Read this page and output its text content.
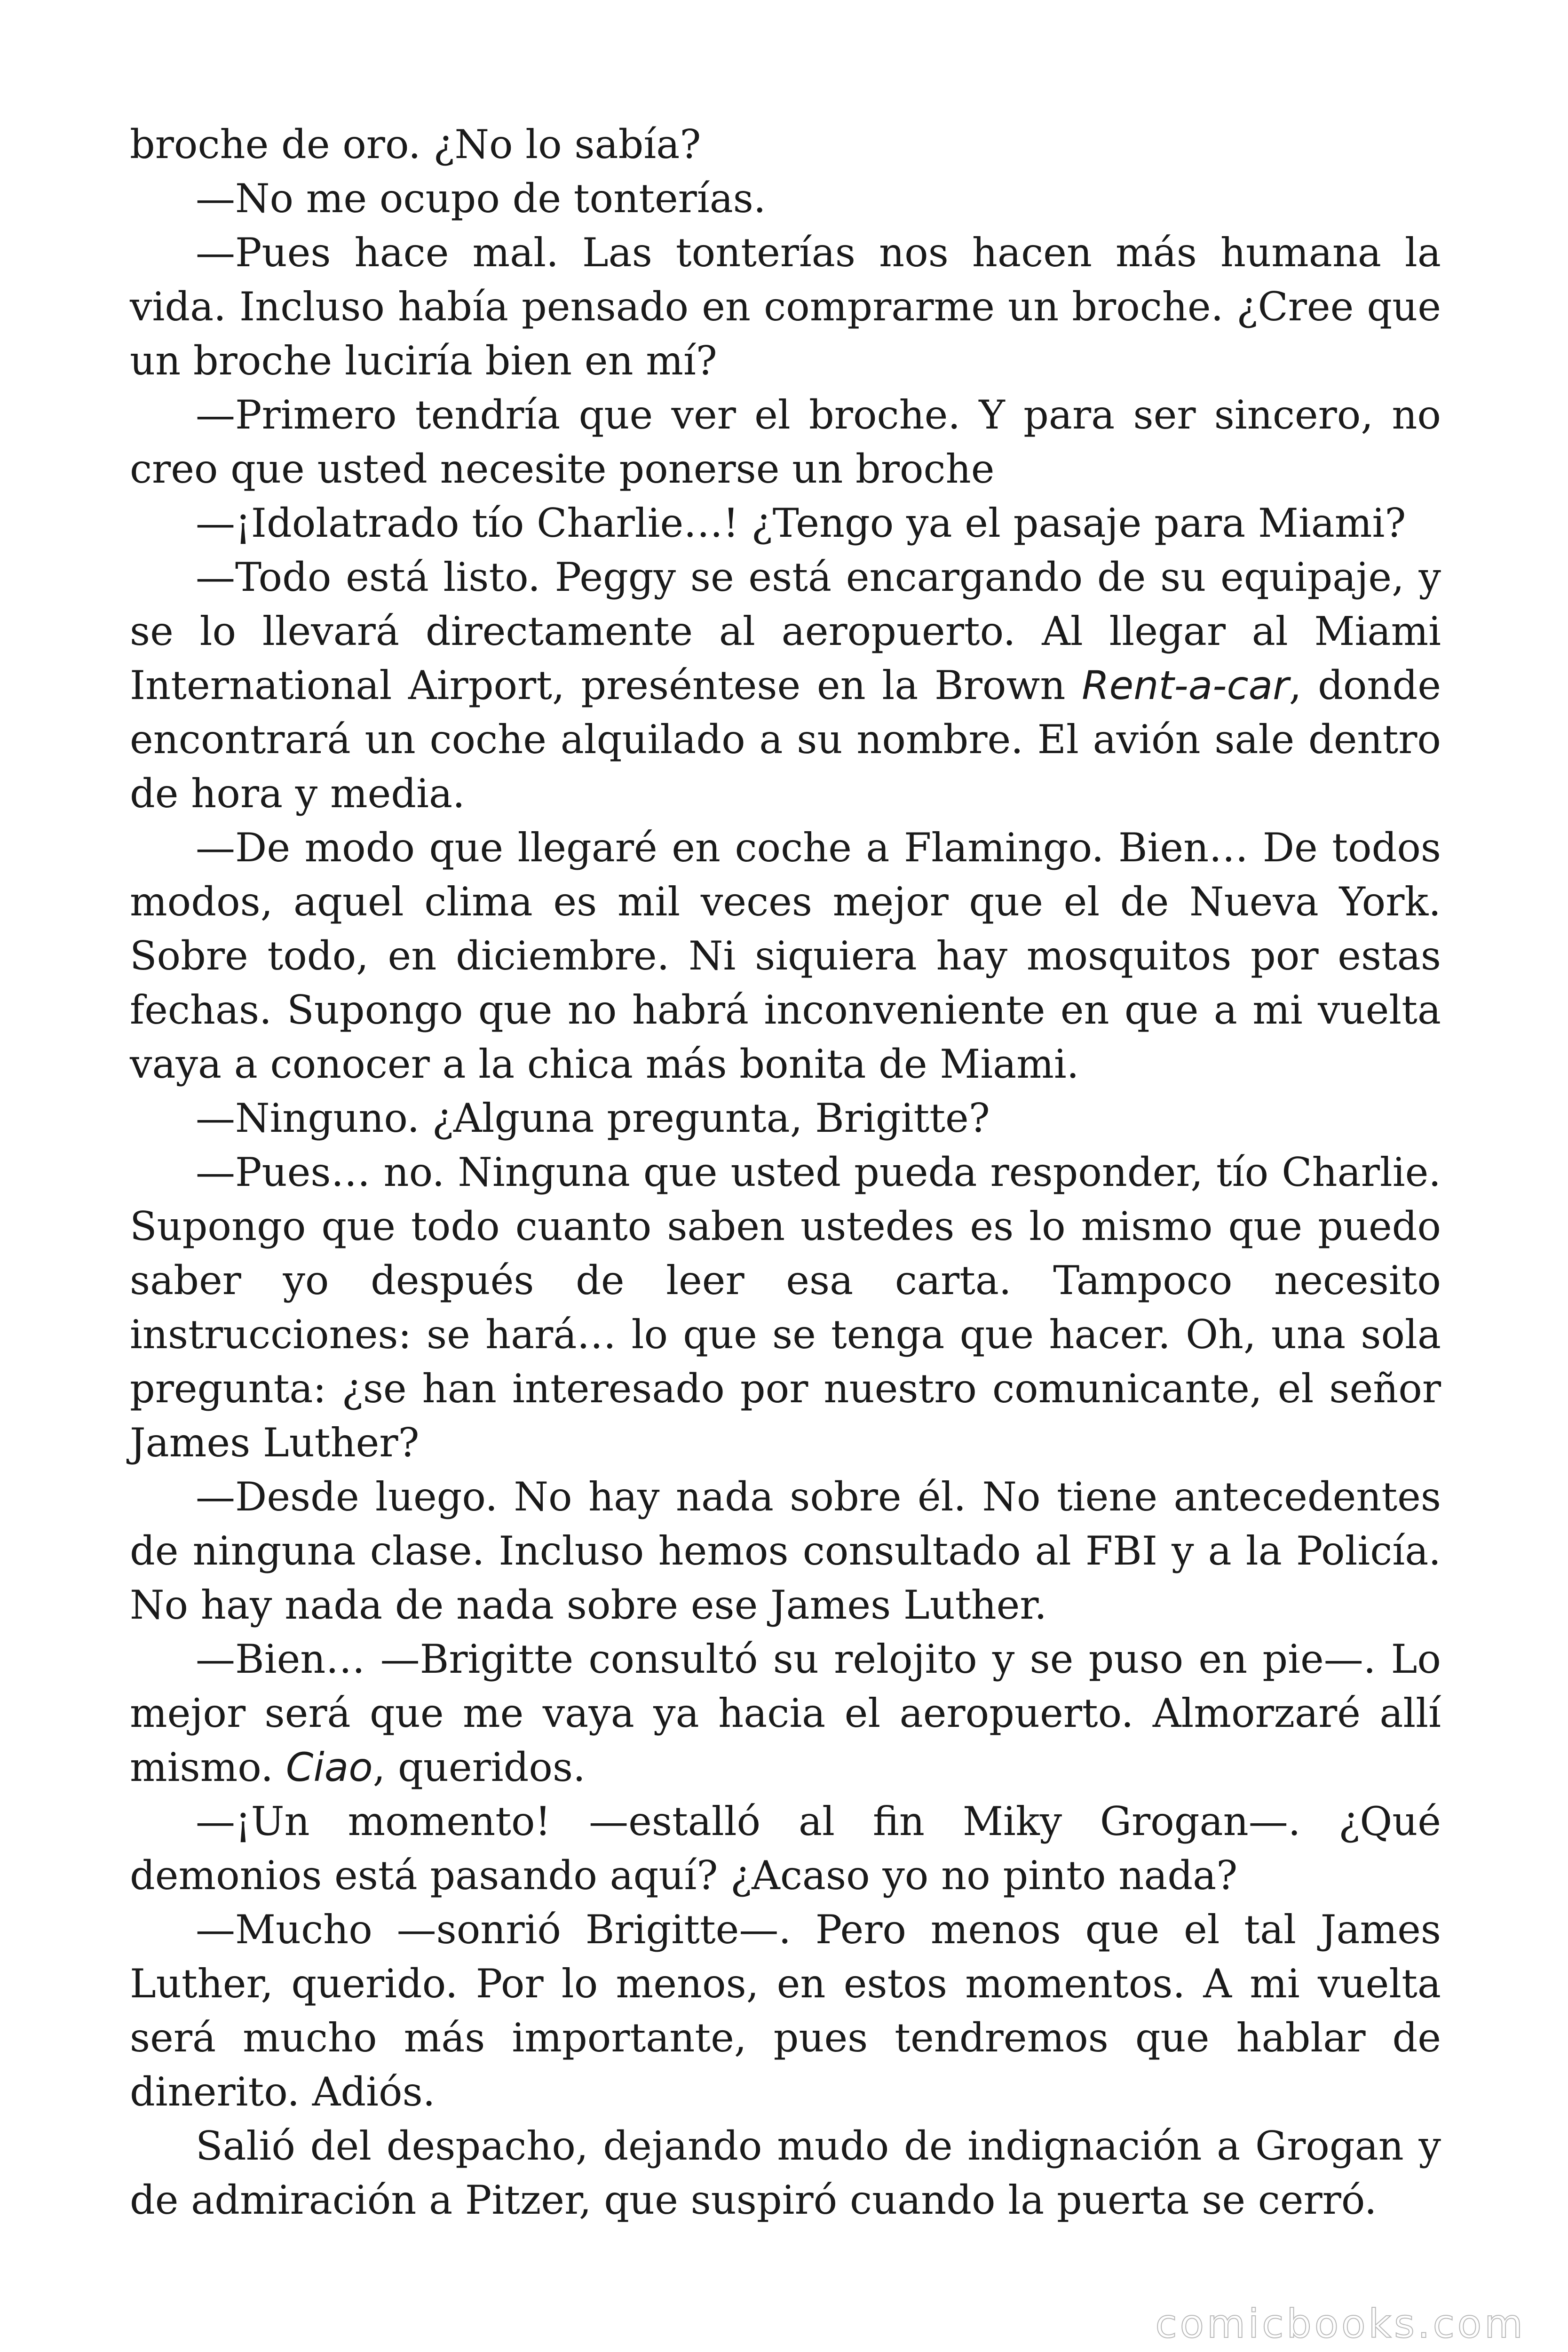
broche de oro. ¿No lo sabía?

—No me ocupo de tonterías.

—Pues hace mal. Las tonterías nos hacen más humana la vida. Incluso había pensado en comprarme un broche. ¿Cree que un broche luciría bien en mí?

—Primero tendría que ver el broche. Y para ser sincero, no creo que usted necesite ponerse un broche

—¡Idolatrado tío Charlie…! ¿Tengo ya el pasaje para Miami?

—Todo está listo. Peggy se está encargando de su equipaje, y se lo llevará directamente al aeropuerto. Al llegar al Miami International Airport, preséntese en la Brown Rent-a-car, donde encontrará un coche alquilado a su nombre. El avión sale dentro de hora y media.

—De modo que llegaré en coche a Flamingo. Bien… De todos modos, aquel clima es mil veces mejor que el de Nueva York. Sobre todo, en diciembre. Ni siquiera hay mosquitos por estas fechas. Supongo que no habrá inconveniente en que a mi vuelta vaya a conocer a la chica más bonita de Miami.

—Ninguno. ¿Alguna pregunta, Brigitte?

—Pues… no. Ninguna que usted pueda responder, tío Charlie. Supongo que todo cuanto saben ustedes es lo mismo que puedo saber yo después de leer esa carta. Tampoco necesito instrucciones: se hará… lo que se tenga que hacer. Oh, una sola pregunta: ¿se han interesado por nuestro comunicante, el señor James Luther?

—Desde luego. No hay nada sobre él. No tiene antecedentes de ninguna clase. Incluso hemos consultado al FBI y a la Policía. No hay nada de nada sobre ese James Luther.

—Bien… —Brigitte consultó su relojito y se puso en pie—. Lo mejor será que me vaya ya hacia el aeropuerto. Almorzaré allí mismo. Ciao, queridos.

—¡Un momento! —estalló al fin Miky Grogan—. ¿Qué demonios está pasando aquí? ¿Acaso yo no pinto nada?

—Mucho —sonrió Brigitte—. Pero menos que el tal James Luther, querido. Por lo menos, en estos momentos. A mi vuelta será mucho más importante, pues tendremos que hablar de dinerito. Adiós.

Salió del despacho, dejando mudo de indignación a Grogan y de admiración a Pitzer, que suspiró cuando la puerta se cerró.

comicbooks.com
